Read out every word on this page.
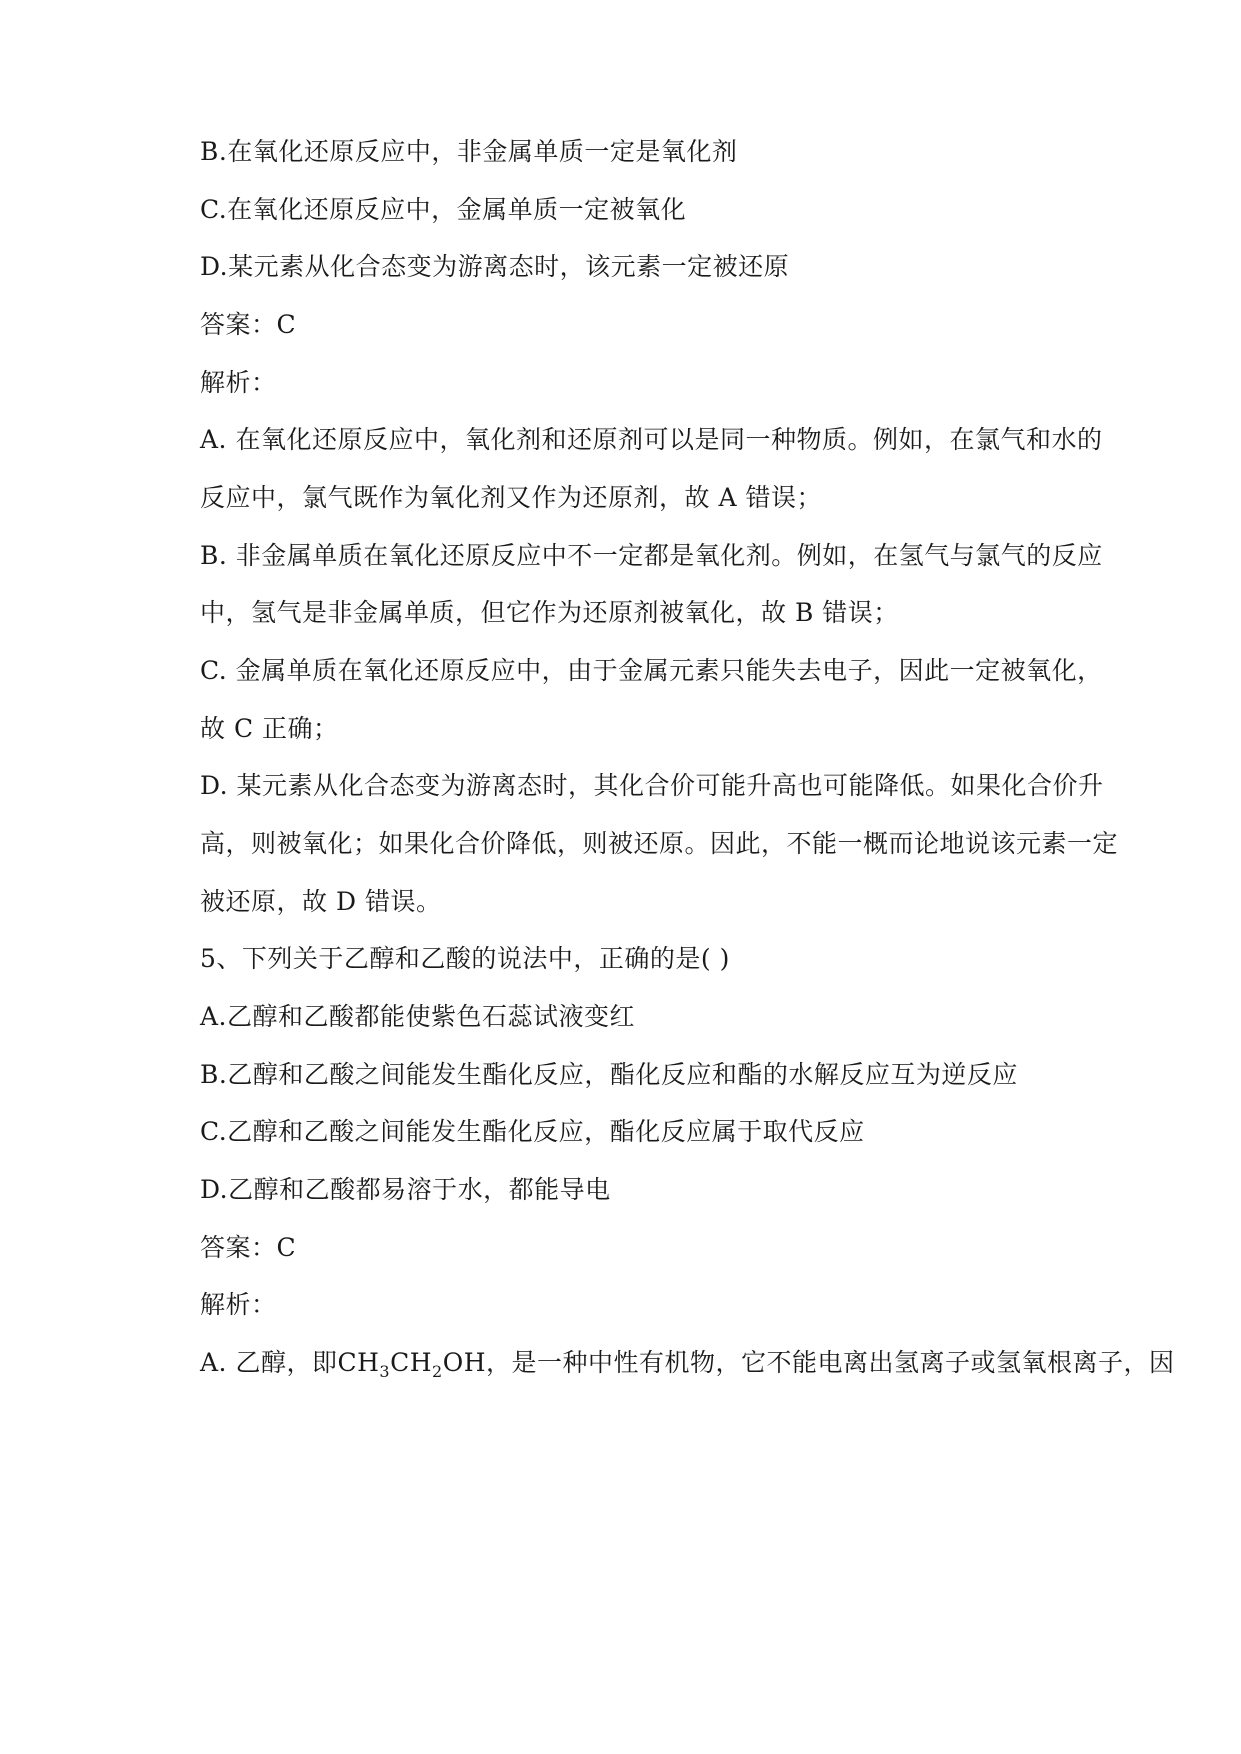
B.在氧化还原反应中，非金属单质一定是氧化剂
C.在氧化还原反应中，金属单质一定被氧化
D.某元素从化合态变为游离态时，该元素一定被还原
答案：C
解析：
A. 在氧化还原反应中，氧化剂和还原剂可以是同一种物质。例如，在氯气和水的
反应中，氯气既作为氧化剂又作为还原剂，故 A 错误；
B. 非金属单质在氧化还原反应中不一定都是氧化剂。例如，在氢气与氯气的反应
中，氢气是非金属单质，但它作为还原剂被氧化，故 B 错误；
C. 金属单质在氧化还原反应中，由于金属元素只能失去电子，因此一定被氧化，
故 C 正确；
D. 某元素从化合态变为游离态时，其化合价可能升高也可能降低。如果化合价升
高，则被氧化；如果化合价降低，则被还原。因此，不能一概而论地说该元素一定
被还原，故 D 错误。
5、下列关于乙醇和乙酸的说法中，正确的是( )
A.乙醇和乙酸都能使紫色石蕊试液变红
B.乙醇和乙酸之间能发生酯化反应，酯化反应和酯的水解反应互为逆反应
C.乙醇和乙酸之间能发生酯化反应，酯化反应属于取代反应
D.乙醇和乙酸都易溶于水，都能导电
答案：C
解析：
A. 乙醇，即$CH_3CH_2OH$，是一种中性有机物，它不能电离出氢离子或氢氧根离子，因
